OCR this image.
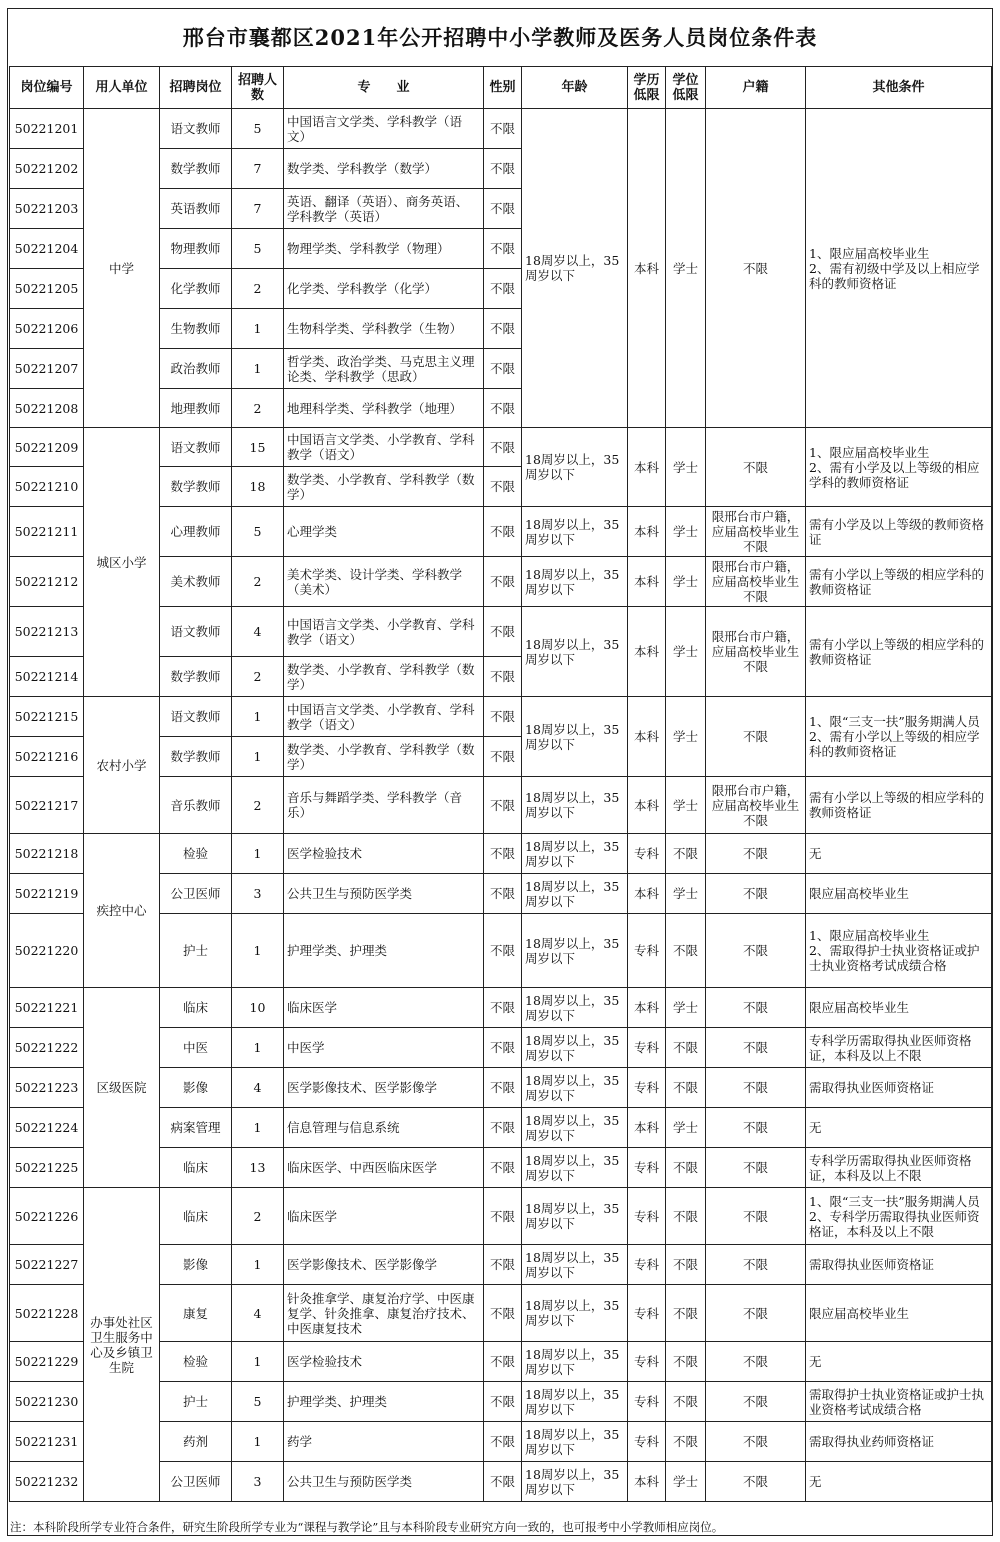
邢台市襄都区2021年公开招聘中小学教师及医务人员岗位条件表
岗位编号	用人单位	招聘岗位	招聘人数	专　　业	性别	年龄	学历低限	学位低限	户籍	其他条件
50221201	中学	语文教师	5	中国语言文学类、学科教学（语文）	不限	18周岁以上，35周岁以下	本科	学士	不限	1、限应届高校毕业生
2、需有初级中学及以上相应学科的教师资格证
50221202		数学教师	7	数学类、学科教学（数学）	不限					
50221203		英语教师	7	英语、翻译（英语）、商务英语、学科教学（英语）	不限					
50221204		物理教师	5	物理学类、学科教学（物理）	不限					
50221205		化学教师	2	化学类、学科教学（化学）	不限					
50221206		生物教师	1	生物科学类、学科教学（生物）	不限					
50221207		政治教师	1	哲学类、政治学类、马克思主义理论类、学科教学（思政）	不限					
50221208		地理教师	2	地理科学类、学科教学（地理）	不限					
50221209	城区小学	语文教师	15	中国语言文学类、小学教育、学科教学（语文）	不限	18周岁以上，35周岁以下	本科	学士	不限	1、限应届高校毕业生
2、需有小学及以上等级的相应学科的教师资格证
50221210		数学教师	18	数学类、小学教育、学科教学（数学）	不限					
50221211		心理教师	5	心理学类	不限	18周岁以上，35周岁以下	本科	学士	限邢台市户籍，应届高校毕业生不限	需有小学及以上等级的教师资格证
50221212		美术教师	2	美术学类、设计学类、学科教学（美术）	不限	18周岁以上，35周岁以下	本科	学士	限邢台市户籍，应届高校毕业生不限	需有小学以上等级的相应学科的教师资格证
50221213		语文教师	4	中国语言文学类、小学教育、学科教学（语文）	不限	18周岁以上，35周岁以下	本科	学士	限邢台市户籍，应届高校毕业生不限	需有小学以上等级的相应学科的教师资格证
50221214		数学教师	2	数学类、小学教育、学科教学（数学）	不限					
50221215	农村小学	语文教师	1	中国语言文学类、小学教育、学科教学（语文）	不限	18周岁以上，35周岁以下	本科	学士	不限	1、限“三支一扶”服务期满人员
2、需有小学以上等级的相应学科的教师资格证
50221216		数学教师	1	数学类、小学教育、学科教学（数学）	不限					
50221217		音乐教师	2	音乐与舞蹈学类、学科教学（音乐）	不限	18周岁以上，35周岁以下	本科	学士	限邢台市户籍，应届高校毕业生不限	需有小学以上等级的相应学科的教师资格证
50221218	疾控中心	检验	1	医学检验技术	不限	18周岁以上，35周岁以下	专科	不限	不限	无
50221219		公卫医师	3	公共卫生与预防医学类	不限	18周岁以上，35周岁以下	本科	学士	不限	限应届高校毕业生
50221220		护士	1	护理学类、护理类	不限	18周岁以上，35周岁以下	专科	不限	不限	1、限应届高校毕业生
2、需取得护士执业资格证或护士执业资格考试成绩合格
50221221	区级医院	临床	10	临床医学	不限	18周岁以上，35周岁以下	本科	学士	不限	限应届高校毕业生
50221222		中医	1	中医学	不限	18周岁以上，35周岁以下	专科	不限	不限	专科学历需取得执业医师资格证，本科及以上不限
50221223		影像	4	医学影像技术、医学影像学	不限	18周岁以上，35周岁以下	专科	不限	不限	需取得执业医师资格证
50221224		病案管理	1	信息管理与信息系统	不限	18周岁以上，35周岁以下	本科	学士	不限	无
50221225		临床	13	临床医学、中西医临床医学	不限	18周岁以上，35周岁以下	专科	不限	不限	专科学历需取得执业医师资格证，本科及以上不限
50221226	办事处社区卫生服务中心及乡镇卫生院	临床	2	临床医学	不限	18周岁以上，35周岁以下	专科	不限	不限	1、限“三支一扶”服务期满人员
2、专科学历需取得执业医师资格证，本科及以上不限
50221227		影像	1	医学影像技术、医学影像学	不限	18周岁以上，35周岁以下	专科	不限	不限	需取得执业医师资格证
50221228		康复	4	针灸推拿学、康复治疗学、中医康复学、针灸推拿、康复治疗技术、中医康复技术	不限	18周岁以上，35周岁以下	专科	不限	不限	限应届高校毕业生
50221229		检验	1	医学检验技术	不限	18周岁以上，35周岁以下	专科	不限	不限	无
50221230		护士	5	护理学类、护理类	不限	18周岁以上，35周岁以下	专科	不限	不限	需取得护士执业资格证或护士执业资格考试成绩合格
50221231		药剂	1	药学	不限	18周岁以上，35周岁以下	专科	不限	不限	需取得执业药师资格证
50221232		公卫医师	3	公共卫生与预防医学类	不限	18周岁以上，35周岁以下	本科	学士	不限	无
注：本科阶段所学专业符合条件，研究生阶段所学专业为“课程与教学论”且与本科阶段专业研究方向一致的，也可报考中小学教师相应岗位。
